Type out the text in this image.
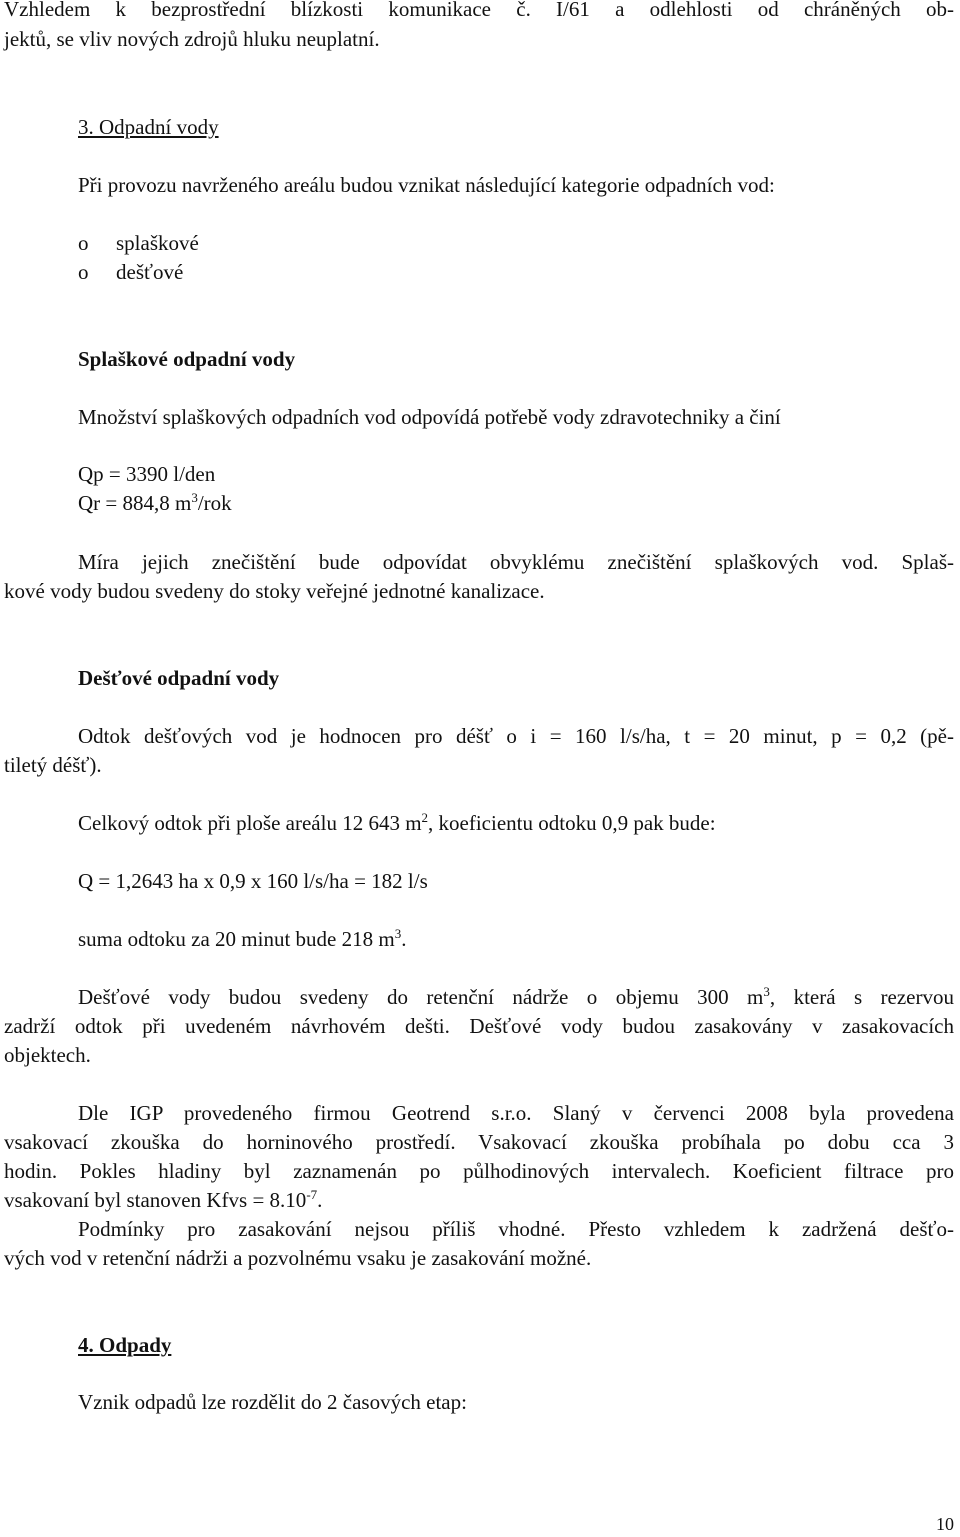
Vzhledem k bezprostřední blízkosti komunikace č. I/61 a odlehlosti od chráněných ob-
jektů, se vliv nových zdrojů hluku neuplatní.
3. Odpadní vody
Při provozu navrženého areálu budou vznikat následující kategorie odpadních vod:
o splaškové
o dešťové
Splaškové odpadní vody
Množství splaškových odpadních vod odpovídá potřebě vody zdravotechniky a činí
Qp = 3390 l/den
Qr = 884,8 $m^3$/rok
Míra jejich znečištění bude odpovídat obvyklému znečištění splaškových vod. Splaš-
kové vody budou svedeny do stoky veřejné jednotné kanalizace.
Dešťové odpadní vody
Odtok dešťových vod je hodnocen pro déšť o i = 160 l/s/ha, t = 20 minut, p = 0,2 (pě-
tiletý déšť).
Celkový odtok při ploše areálu 12 643 $m^2$, koeficientu odtoku 0,9 pak bude:
Q = 1,2643 ha x 0,9 x 160 l/s/ha = 182 l/s
suma odtoku za 20 minut bude 218 $m^3$.
Dešťové vody budou svedeny do retenční nádrže o objemu 300 $m^3$, která s rezervou
zadrží odtok při uvedeném návrhovém dešti. Dešťové vody budou zasakovány v zasakovacích
objektech.
Dle IGP provedeného firmou Geotrend s.r.o. Slaný v červenci 2008 byla provedena
vsakovací zkouška do horninového prostředí. Vsakovací zkouška probíhala po dobu cca 3
hodin. Pokles hladiny byl zaznamenán po půlhodinových intervalech. Koeficient filtrace pro
vsakovaní byl stanoven Kfvs = $8.10^{-7}$.
Podmínky pro zasakování nejsou příliš vhodné. Přesto vzhledem k zadržená dešťo-
vých vod v retenční nádrži a pozvolnému vsaku je zasakování možné.
4. Odpady
Vznik odpadů lze rozdělit do 2 časových etap:
10
